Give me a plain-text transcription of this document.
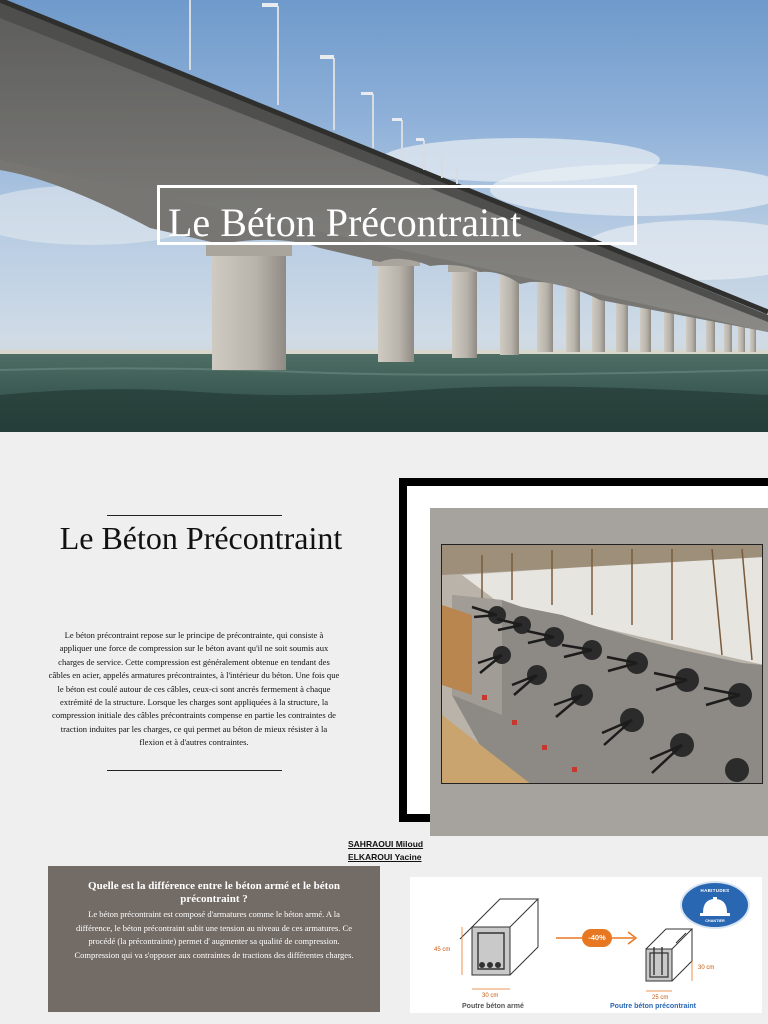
Le Béton Précontraint
Le Béton Précontraint

Le béton précontraint repose sur le principe de précontrainte, qui consiste à appliquer une force de compression sur le béton avant qu'il ne soit soumis aux charges de service. Cette compression est généralement obtenue en tendant des câbles en acier, appelés armatures précontraintes, à l'intérieur du béton. Une fois que le béton est coulé autour de ces câbles, ceux-ci sont ancrés fermement à chaque extrémité de la structure. Lorsque les charges sont appliquées à la structure, la compression initiale des câbles précontraints compense en partie les contraintes de traction induites par les charges, ce qui permet au béton de mieux résister à la flexion et à d'autres contraintes.

SAHRAOUI Miloud
ELKAROUI Yacine

Quelle est la différence entre le béton armé et le béton précontraint ?

Le béton précontraint est composé d'armatures comme le béton armé. A la différence, le béton précontraint subit une tension au niveau de ces armatures. Ce procédé (la précontrainte) permet d' augmenter sa qualité de compression. Compression qui va s'opposer aux contraintes de tractions des différentes charges.

-40%
45 cm
30 cm
30 cm
25 cm
Poutre béton armé	Poutre béton précontraint
HABITUDES
CHANTIER
